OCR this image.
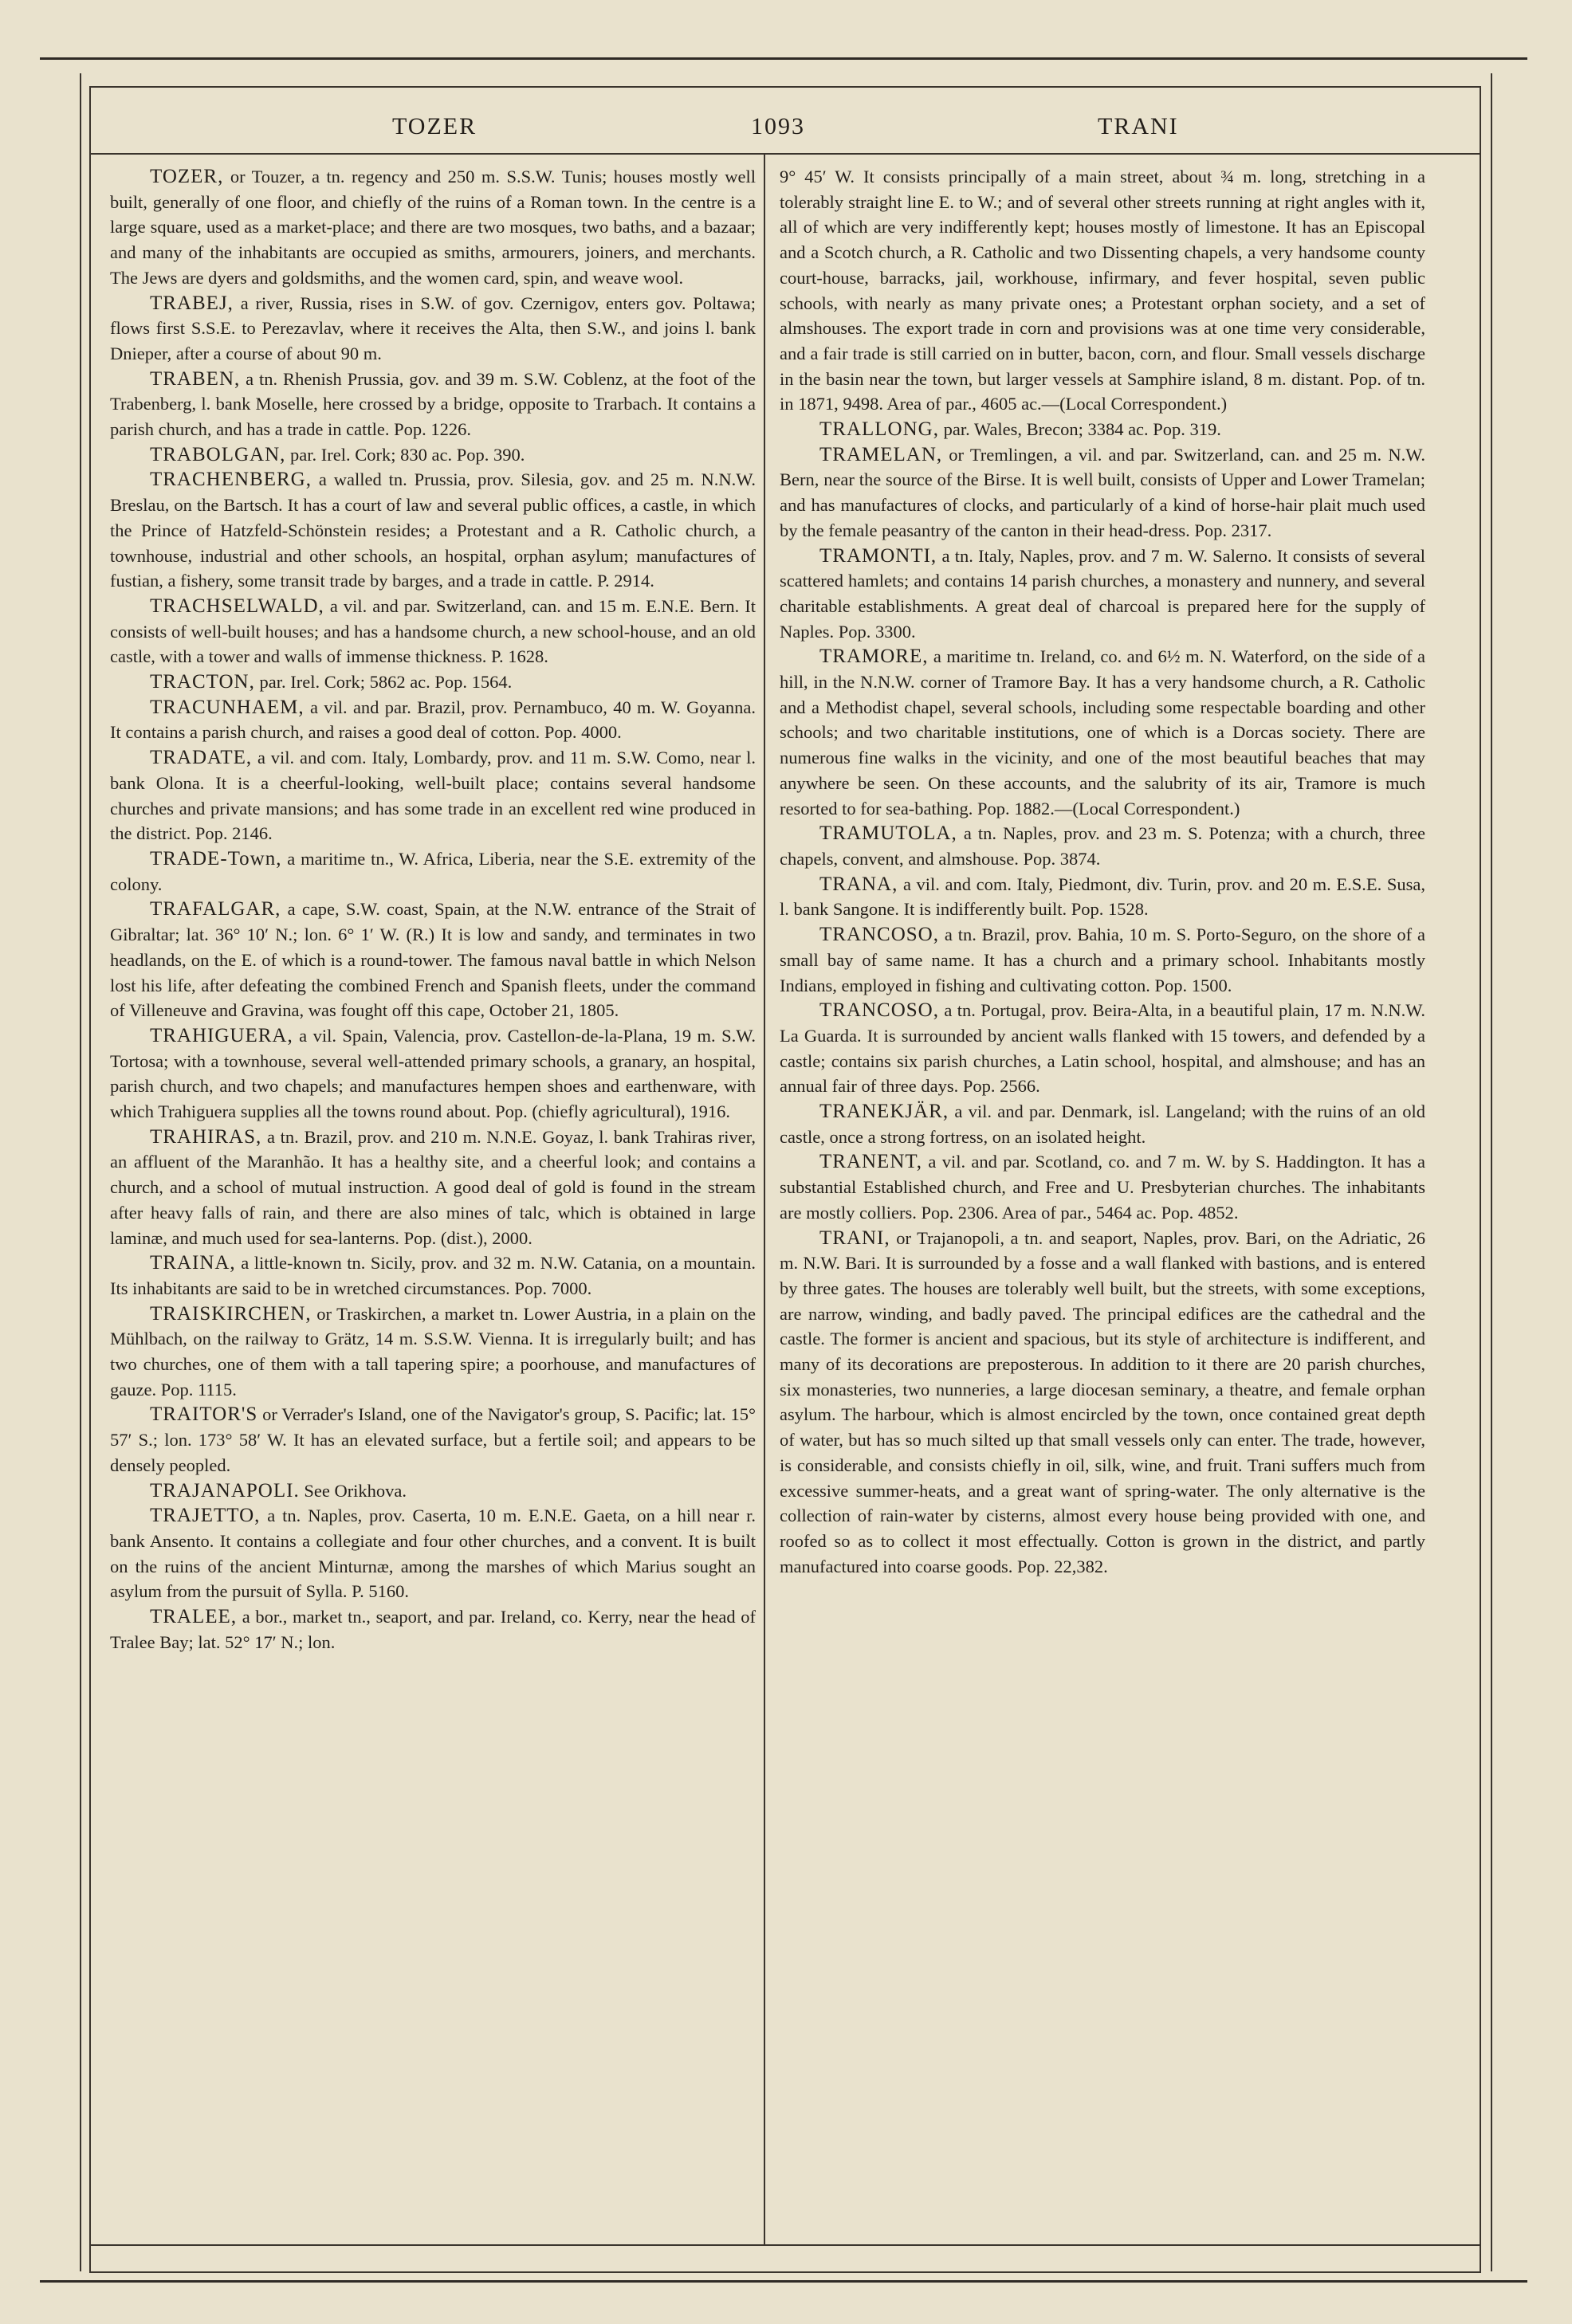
TOZER	1093	TRANI

TOZER, or Touzer, a tn. regency and 250 m. S.S.W. Tunis; houses mostly well built, generally of one floor, and chiefly of the ruins of a Roman town. In the centre is a large square, used as a market-place; and there are two mosques, two baths, and a bazaar; and many of the inhabitants are occupied as smiths, armourers, joiners, and merchants. The Jews are dyers and goldsmiths, and the women card, spin, and weave wool.

TRABEJ, a river, Russia, rises in S.W. of gov. Czernigov, enters gov. Poltawa; flows first S.S.E. to Perezavlav, where it receives the Alta, then S.W., and joins l. bank Dnieper, after a course of about 90 m.

TRABEN, a tn. Rhenish Prussia, gov. and 39 m. S.W. Coblenz, at the foot of the Trabenberg, l. bank Moselle, here crossed by a bridge, opposite to Trarbach. It contains a parish church, and has a trade in cattle. Pop. 1226.

TRABOLGAN, par. Irel. Cork; 830 ac. Pop. 390.

TRACHENBERG, a walled tn. Prussia, prov. Silesia, gov. and 25 m. N.N.W. Breslau, on the Bartsch. It has a court of law and several public offices, a castle, in which the Prince of Hatzfeld-Schönstein resides; a Protestant and a R. Catholic church, a townhouse, industrial and other schools, an hospital, orphan asylum; manufactures of fustian, a fishery, some transit trade by barges, and a trade in cattle. P. 2914.

TRACHSELWALD, a vil. and par. Switzerland, can. and 15 m. E.N.E. Bern. It consists of well-built houses; and has a handsome church, a new school-house, and an old castle, with a tower and walls of immense thickness. P. 1628.

TRACTON, par. Irel. Cork; 5862 ac. Pop. 1564.

TRACUNHAEM, a vil. and par. Brazil, prov. Pernambuco, 40 m. W. Goyanna. It contains a parish church, and raises a good deal of cotton. Pop. 4000.

TRADATE, a vil. and com. Italy, Lombardy, prov. and 11 m. S.W. Como, near l. bank Olona. It is a cheerful-looking, well-built place; contains several handsome churches and private mansions; and has some trade in an excellent red wine produced in the district. Pop. 2146.

TRADE-Town, a maritime tn., W. Africa, Liberia, near the S.E. extremity of the colony.

TRAFALGAR, a cape, S.W. coast, Spain, at the N.W. entrance of the Strait of Gibraltar; lat. 36° 10′ N.; lon. 6° 1′ W. (R.) It is low and sandy, and terminates in two headlands, on the E. of which is a round-tower. The famous naval battle in which Nelson lost his life, after defeating the combined French and Spanish fleets, under the command of Villeneuve and Gravina, was fought off this cape, October 21, 1805.

TRAHIGUERA, a vil. Spain, Valencia, prov. Castellon-de-la-Plana, 19 m. S.W. Tortosa; with a townhouse, several well-attended primary schools, a granary, an hospital, parish church, and two chapels; and manufactures hempen shoes and earthenware, with which Trahiguera supplies all the towns round about. Pop. (chiefly agricultural), 1916.

TRAHIRAS, a tn. Brazil, prov. and 210 m. N.N.E. Goyaz, l. bank Trahiras river, an affluent of the Maranhão. It has a healthy site, and a cheerful look; and contains a church, and a school of mutual instruction. A good deal of gold is found in the stream after heavy falls of rain, and there are also mines of talc, which is obtained in large laminæ, and much used for sea-lanterns. Pop. (dist.), 2000.

TRAINA, a little-known tn. Sicily, prov. and 32 m. N.W. Catania, on a mountain. Its inhabitants are said to be in wretched circumstances. Pop. 7000.

TRAISKIRCHEN, or Traskirchen, a market tn. Lower Austria, in a plain on the Mühlbach, on the railway to Grätz, 14 m. S.S.W. Vienna. It is irregularly built; and has two churches, one of them with a tall tapering spire; a poorhouse, and manufactures of gauze. Pop. 1115.

TRAITOR'S or Verrader's Island, one of the Navigator's group, S. Pacific; lat. 15° 57′ S.; lon. 173° 58′ W. It has an elevated surface, but a fertile soil; and appears to be densely peopled.

TRAJANAPOLI. See Orikhova.

TRAJETTO, a tn. Naples, prov. Caserta, 10 m. E.N.E. Gaeta, on a hill near r. bank Ansento. It contains a collegiate and four other churches, and a convent. It is built on the ruins of the ancient Minturnæ, among the marshes of which Marius sought an asylum from the pursuit of Sylla. P. 5160.

TRALEE, a bor., market tn., seaport, and par. Ireland, co. Kerry, near the head of Tralee Bay; lat. 52° 17′ N.; lon.

9° 45′ W. It consists principally of a main street, about ¾ m. long, stretching in a tolerably straight line E. to W.; and of several other streets running at right angles with it, all of which are very indifferently kept; houses mostly of limestone. It has an Episcopal and a Scotch church, a R. Catholic and two Dissenting chapels, a very handsome county court-house, barracks, jail, workhouse, infirmary, and fever hospital, seven public schools, with nearly as many private ones; a Protestant orphan society, and a set of almshouses. The export trade in corn and provisions was at one time very considerable, and a fair trade is still carried on in butter, bacon, corn, and flour. Small vessels discharge in the basin near the town, but larger vessels at Samphire island, 8 m. distant. Pop. of tn. in 1871, 9498. Area of par., 4605 ac.—(Local Correspondent.)

TRALLONG, par. Wales, Brecon; 3384 ac. Pop. 319.

TRAMELAN, or Tremlingen, a vil. and par. Switzerland, can. and 25 m. N.W. Bern, near the source of the Birse. It is well built, consists of Upper and Lower Tramelan; and has manufactures of clocks, and particularly of a kind of horse-hair plait much used by the female peasantry of the canton in their head-dress. Pop. 2317.

TRAMONTI, a tn. Italy, Naples, prov. and 7 m. W. Salerno. It consists of several scattered hamlets; and contains 14 parish churches, a monastery and nunnery, and several charitable establishments. A great deal of charcoal is prepared here for the supply of Naples. Pop. 3300.

TRAMORE, a maritime tn. Ireland, co. and 6½ m. N. Waterford, on the side of a hill, in the N.N.W. corner of Tramore Bay. It has a very handsome church, a R. Catholic and a Methodist chapel, several schools, including some respectable boarding and other schools; and two charitable institutions, one of which is a Dorcas society. There are numerous fine walks in the vicinity, and one of the most beautiful beaches that may anywhere be seen. On these accounts, and the salubrity of its air, Tramore is much resorted to for sea-bathing. Pop. 1882.—(Local Correspondent.)

TRAMUTOLA, a tn. Naples, prov. and 23 m. S. Potenza; with a church, three chapels, convent, and almshouse. Pop. 3874.

TRANA, a vil. and com. Italy, Piedmont, div. Turin, prov. and 20 m. E.S.E. Susa, l. bank Sangone. It is indifferently built. Pop. 1528.

TRANCOSO, a tn. Brazil, prov. Bahia, 10 m. S. Porto-Seguro, on the shore of a small bay of same name. It has a church and a primary school. Inhabitants mostly Indians, employed in fishing and cultivating cotton. Pop. 1500.

TRANCOSO, a tn. Portugal, prov. Beira-Alta, in a beautiful plain, 17 m. N.N.W. La Guarda. It is surrounded by ancient walls flanked with 15 towers, and defended by a castle; contains six parish churches, a Latin school, hospital, and almshouse; and has an annual fair of three days. Pop. 2566.

TRANEKJÄR, a vil. and par. Denmark, isl. Langeland; with the ruins of an old castle, once a strong fortress, on an isolated height.

TRANENT, a vil. and par. Scotland, co. and 7 m. W. by S. Haddington. It has a substantial Established church, and Free and U. Presbyterian churches. The inhabitants are mostly colliers. Pop. 2306. Area of par., 5464 ac. Pop. 4852.

TRANI, or Trajanopoli, a tn. and seaport, Naples, prov. Bari, on the Adriatic, 26 m. N.W. Bari. It is surrounded by a fosse and a wall flanked with bastions, and is entered by three gates. The houses are tolerably well built, but the streets, with some exceptions, are narrow, winding, and badly paved. The principal edifices are the cathedral and the castle. The former is ancient and spacious, but its style of architecture is indifferent, and many of its decorations are preposterous. In addition to it there are 20 parish churches, six monasteries, two nunneries, a large diocesan seminary, a theatre, and female orphan asylum. The harbour, which is almost encircled by the town, once contained great depth of water, but has so much silted up that small vessels only can enter. The trade, however, is considerable, and consists chiefly in oil, silk, wine, and fruit. Trani suffers much from excessive summer-heats, and a great want of spring-water. The only alternative is the collection of rain-water by cisterns, almost every house being provided with one, and roofed so as to collect it most effectually. Cotton is grown in the district, and partly manufactured into coarse goods. Pop. 22,382.
